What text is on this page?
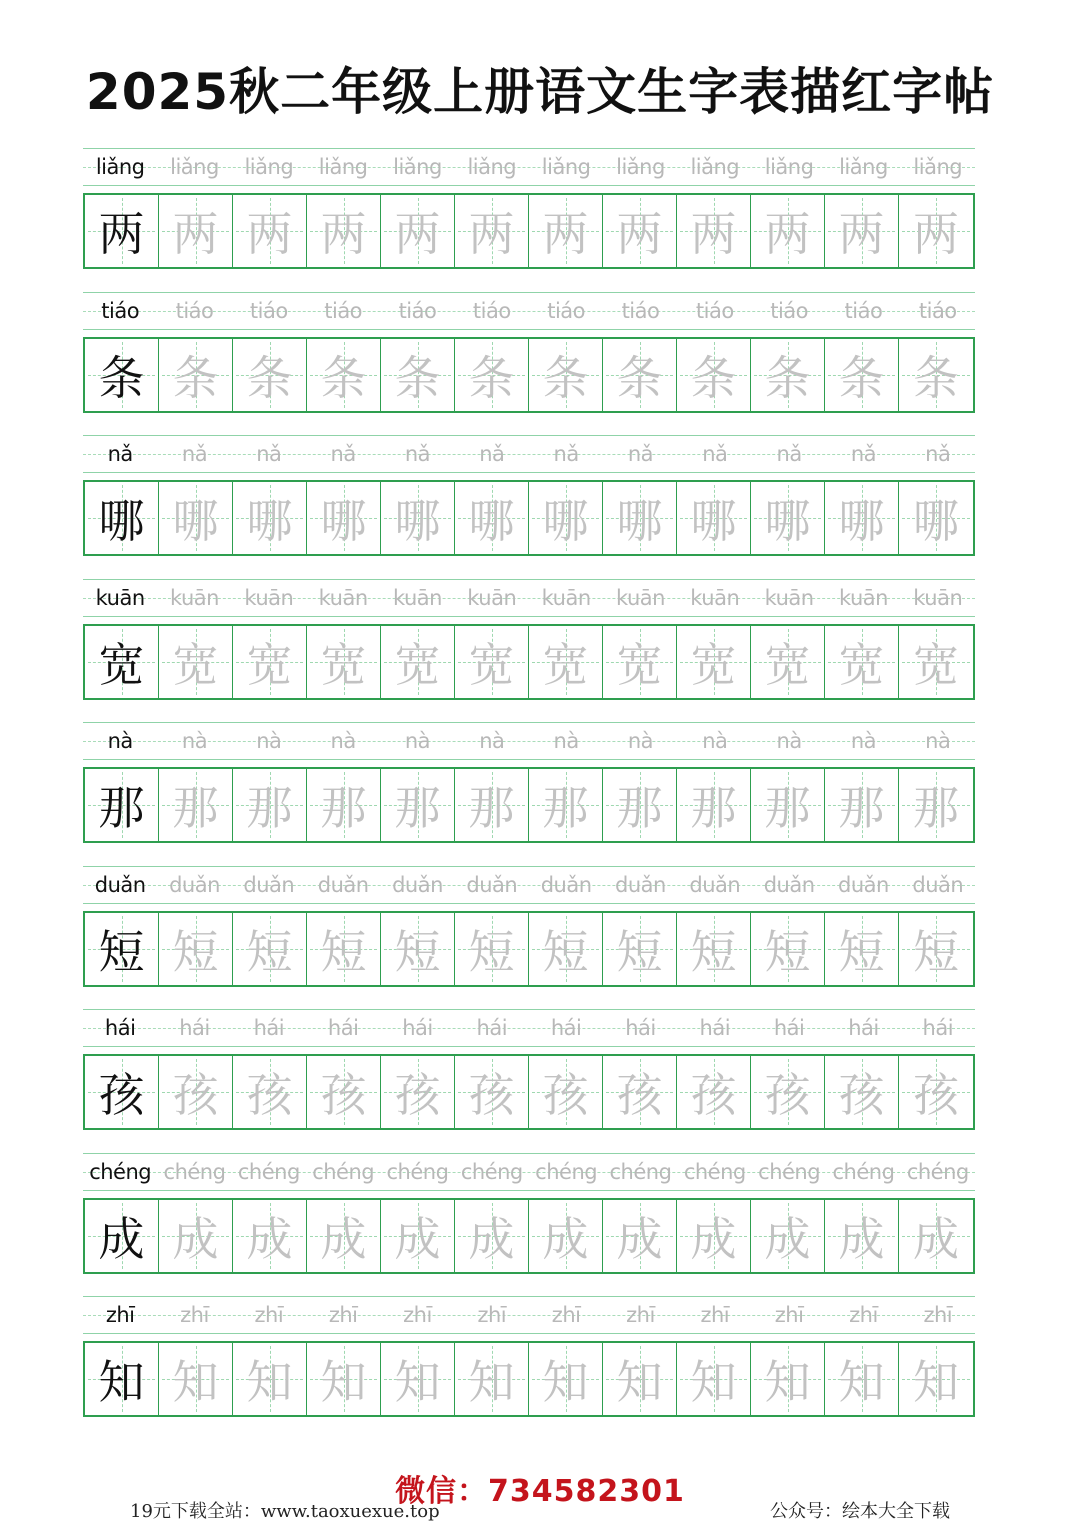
2025秋二年级上册语文生字表描红字帖
liǎng	liǎng	liǎng	liǎng	liǎng	liǎng	liǎng	liǎng	liǎng	liǎng	liǎng	liǎng
两 两 两 两 两 两 两 两 两 两 两 两
tiáo	tiáo	tiáo	tiáo	tiáo	tiáo	tiáo	tiáo	tiáo	tiáo	tiáo	tiáo
条 条 条 条 条 条 条 条 条 条 条 条
nǎ	nǎ	nǎ	nǎ	nǎ	nǎ	nǎ	nǎ	nǎ	nǎ	nǎ	nǎ
哪 哪 哪 哪 哪 哪 哪 哪 哪 哪 哪 哪
kuān	kuān	kuān	kuān	kuān	kuān	kuān	kuān	kuān	kuān	kuān	kuān
宽 宽 宽 宽 宽 宽 宽 宽 宽 宽 宽 宽
nà	nà	nà	nà	nà	nà	nà	nà	nà	nà	nà	nà
那 那 那 那 那 那 那 那 那 那 那 那
duǎn	duǎn	duǎn	duǎn	duǎn	duǎn	duǎn	duǎn	duǎn	duǎn	duǎn	duǎn
短 短 短 短 短 短 短 短 短 短 短 短
hái	hái	hái	hái	hái	hái	hái	hái	hái	hái	hái	hái
孩 孩 孩 孩 孩 孩 孩 孩 孩 孩 孩 孩
chéng chéng chéng chéng chéng chéng chéng chéng chéng chéng chéng chéng
成 成 成 成 成 成 成 成 成 成 成 成
zhī	zhī	zhī	zhī	zhī	zhī	zhī	zhī	zhī	zhī	zhī	zhī
知 知 知 知 知 知 知 知 知 知 知 知
微信：734582301
19元下载全站：www.taoxuexue.top	公众号：绘本大全下载
